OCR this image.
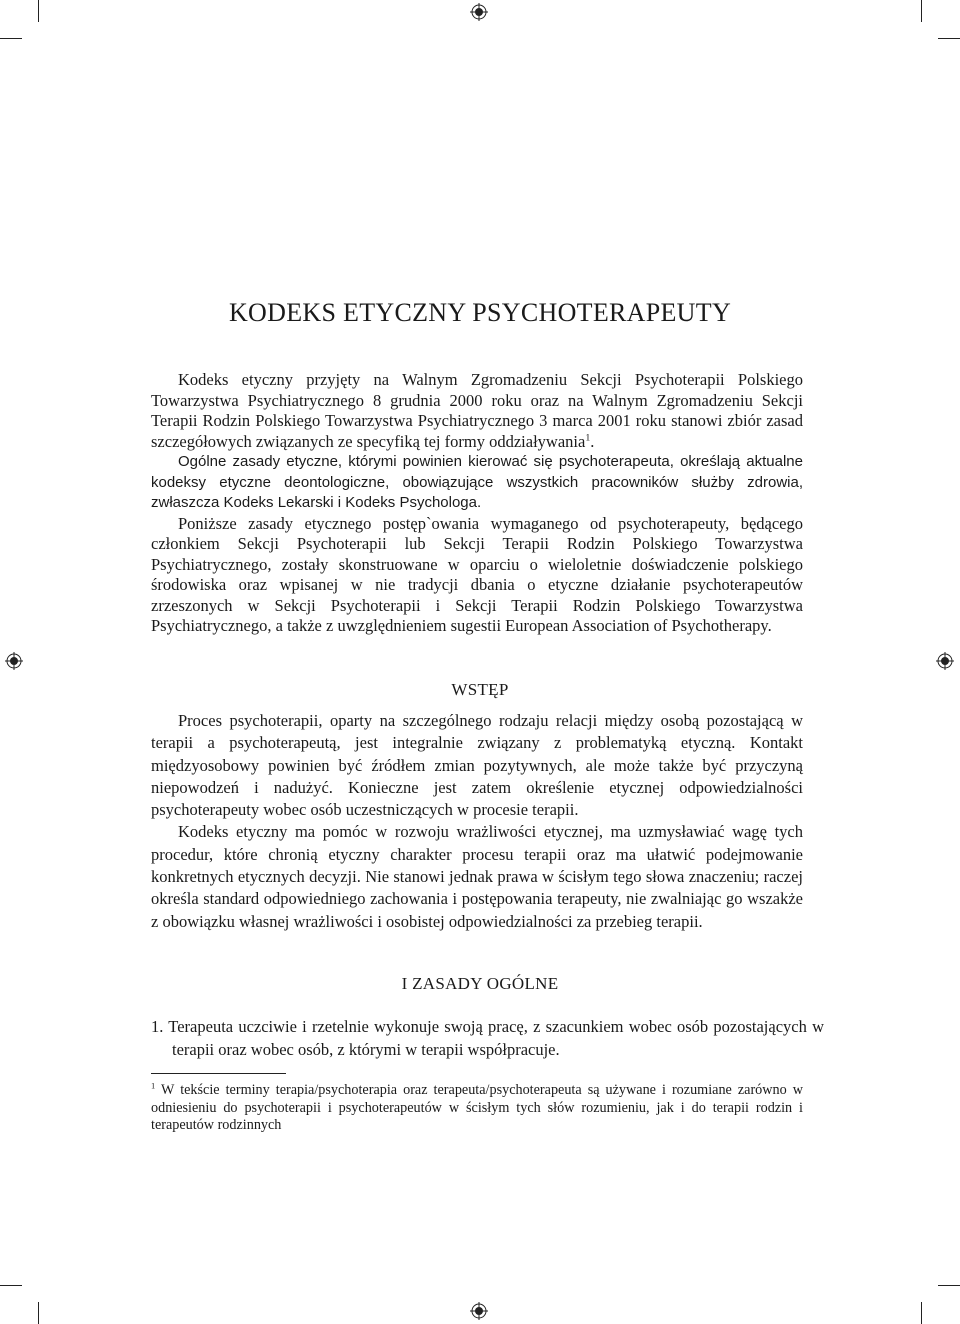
KODEKS ETYCZNY PSYCHOTERAPEUTY

Kodeks etyczny przyjęty na Walnym Zgromadzeniu Sekcji Psychoterapii Polskiego Towarzystwa Psychiatrycznego 8 grudnia 2000 roku oraz na Walnym Zgromadzeniu Sekcji Terapii Rodzin Polskiego Towarzystwa Psychiatrycznego 3 marca 2001 roku stanowi zbiór zasad szczegółowych związanych ze specyfiką tej formy oddziaływania$^1$.

Ogólne zasady etyczne, którymi powinien kierować się psychoterapeuta, określają aktualne kodeksy etyczne deontologiczne, obowiązujące wszystkich pracowników służby zdrowia, zwłaszcza Kodeks Lekarski i Kodeks Psychologa.

Poniższe zasady etycznego postęp`owania wymaganego od psychoterapeuty, będącego członkiem Sekcji Psychoterapii lub Sekcji Terapii Rodzin Polskiego Towarzystwa Psychiatrycznego, zostały skonstruowane w oparciu o wieloletnie doświadczenie polskiego środowiska oraz wpisanej w nie tradycji dbania o etyczne działanie psychoterapeutów zrzeszonych w Sekcji Psychoterapii i Sekcji Terapii Rodzin Polskiego Towarzystwa Psychiatrycznego, a także z uwzględnieniem sugestii European Association of Psychotherapy.

WSTĘP

Proces psychoterapii, oparty na szczególnego rodzaju relacji między osobą pozostającą w terapii a psychoterapeutą, jest integralnie związany z problematyką etyczną. Kontakt międzyosobowy powinien być źródłem zmian pozytywnych, ale może także być przyczyną niepowodzeń i nadużyć. Konieczne jest zatem określenie etycznej odpowiedzialności psychoterapeuty wobec osób uczestniczących w procesie terapii.

Kodeks etyczny ma pomóc w rozwoju wrażliwości etycznej, ma uzmysławiać wagę tych procedur, które chronią etyczny charakter procesu terapii oraz ma ułatwić podejmowanie konkretnych etycznych decyzji. Nie stanowi jednak prawa w ścisłym tego słowa znaczeniu; raczej określa standard odpowiedniego zachowania i postępowania terapeuty, nie zwalniając go wszakże z obowiązku własnej wrażliwości i osobistej odpowiedzialności za przebieg terapii.

I ZASADY OGÓLNE
1. Terapeuta uczciwie i rzetelnie wykonuje swoją pracę, z szacunkiem wobec osób pozostających w terapii oraz wobec osób, z którymi w terapii współpracuje.
$^1$ W tekście terminy terapia/psychoterapia oraz terapeuta/psychoterapeuta są używane i rozumiane zarówno w odniesieniu do psychoterapii i psychoterapeutów w ścisłym tych słów rozumieniu, jak i do terapii rodzin i terapeutów rodzinnych
